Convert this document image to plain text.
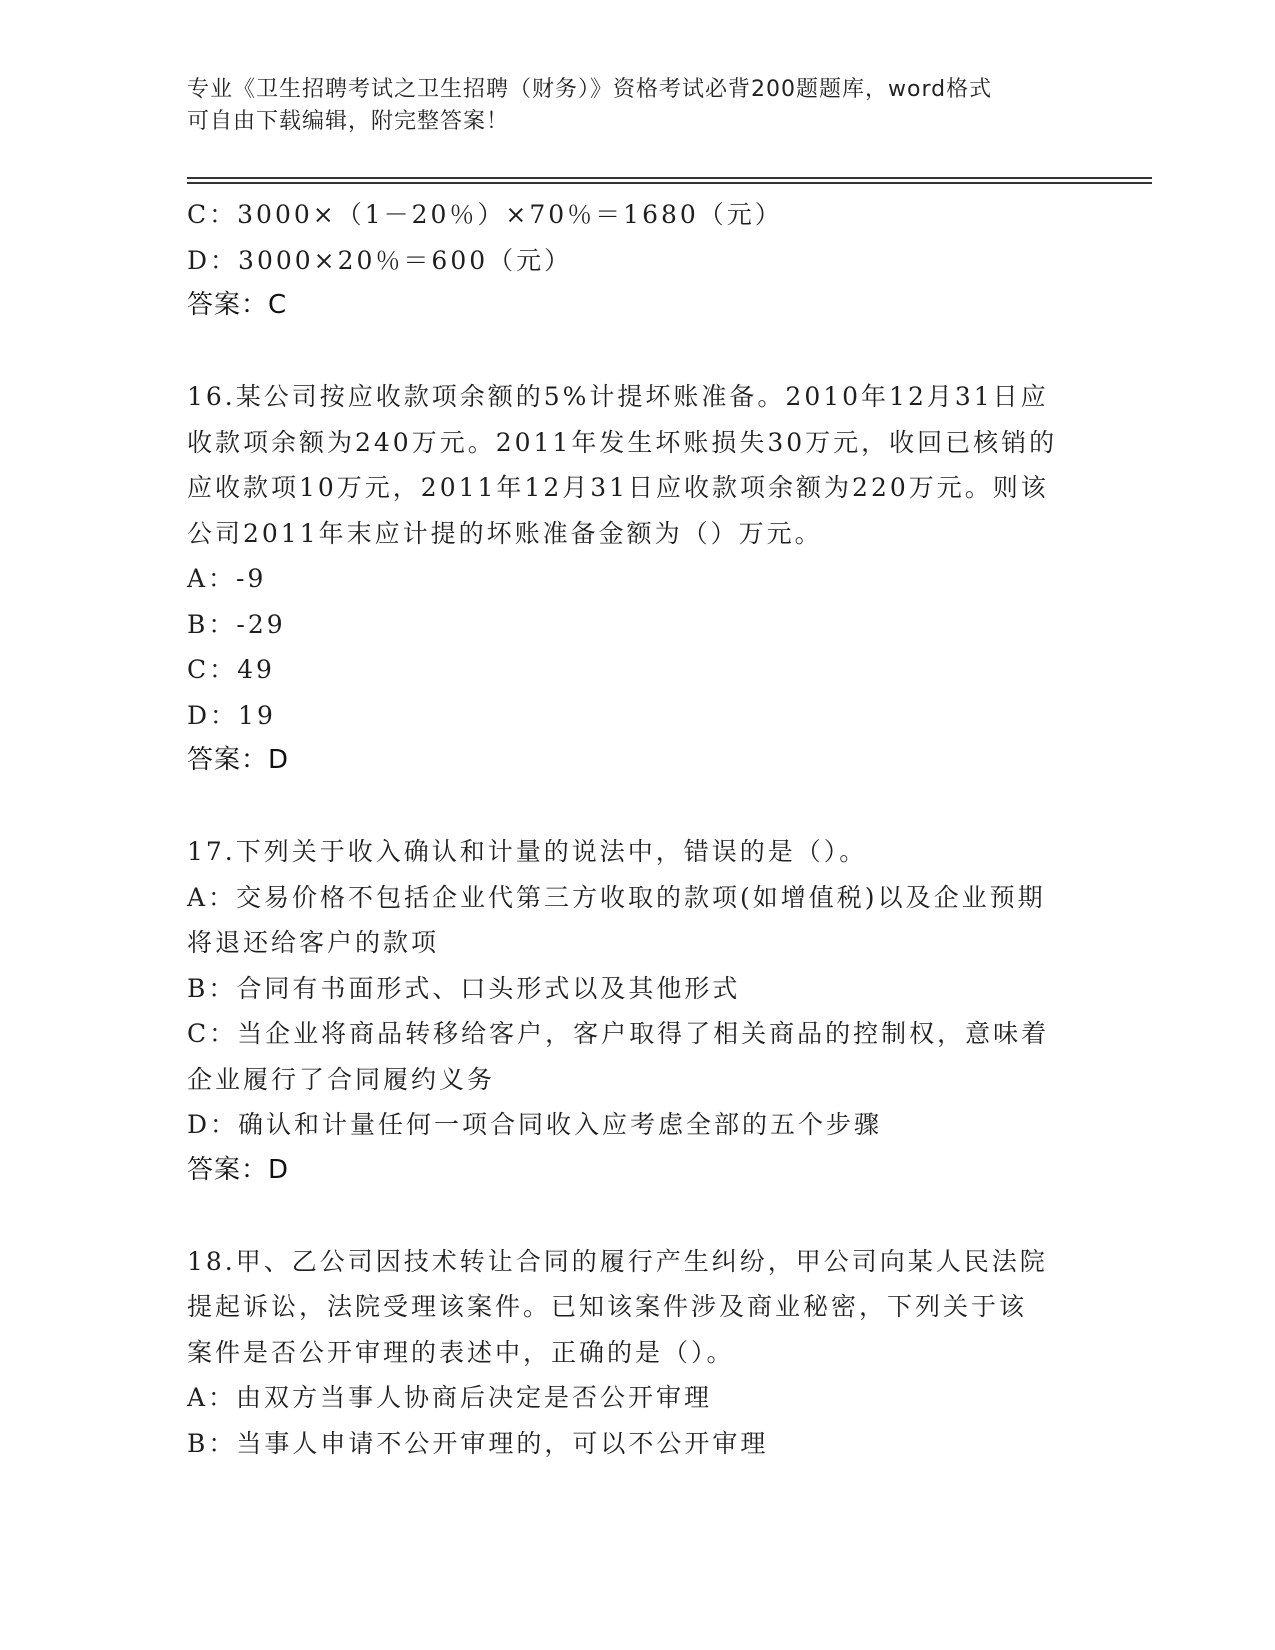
专业《卫生招聘考试之卫生招聘（财务）》资格考试必背200题题库，word格式
可自由下载编辑，附完整答案！
C：3000×（1－20％）×70％＝1680（元）
D：3000×20％＝600（元）
答案：C
16.某公司按应收款项余额的5%计提坏账准备。2010年12月31日应
收款项余额为240万元。2011年发生坏账损失30万元，收回已核销的
应收款项10万元，2011年12月31日应收款项余额为220万元。则该
公司2011年末应计提的坏账准备金额为（）万元。
A：-9
B：-29
C：49
D：19
答案：D
17.下列关于收入确认和计量的说法中，错误的是（）。
A：交易价格不包括企业代第三方收取的款项(如增值税)以及企业预期
将退还给客户的款项
B：合同有书面形式、口头形式以及其他形式
C：当企业将商品转移给客户，客户取得了相关商品的控制权，意味着
企业履行了合同履约义务
D：确认和计量任何一项合同收入应考虑全部的五个步骤
答案：D
18.甲、乙公司因技术转让合同的履行产生纠纷，甲公司向某人民法院
提起诉讼，法院受理该案件。已知该案件涉及商业秘密，下列关于该
案件是否公开审理的表述中，正确的是（）。
A：由双方当事人协商后决定是否公开审理
B：当事人申请不公开审理的，可以不公开审理
